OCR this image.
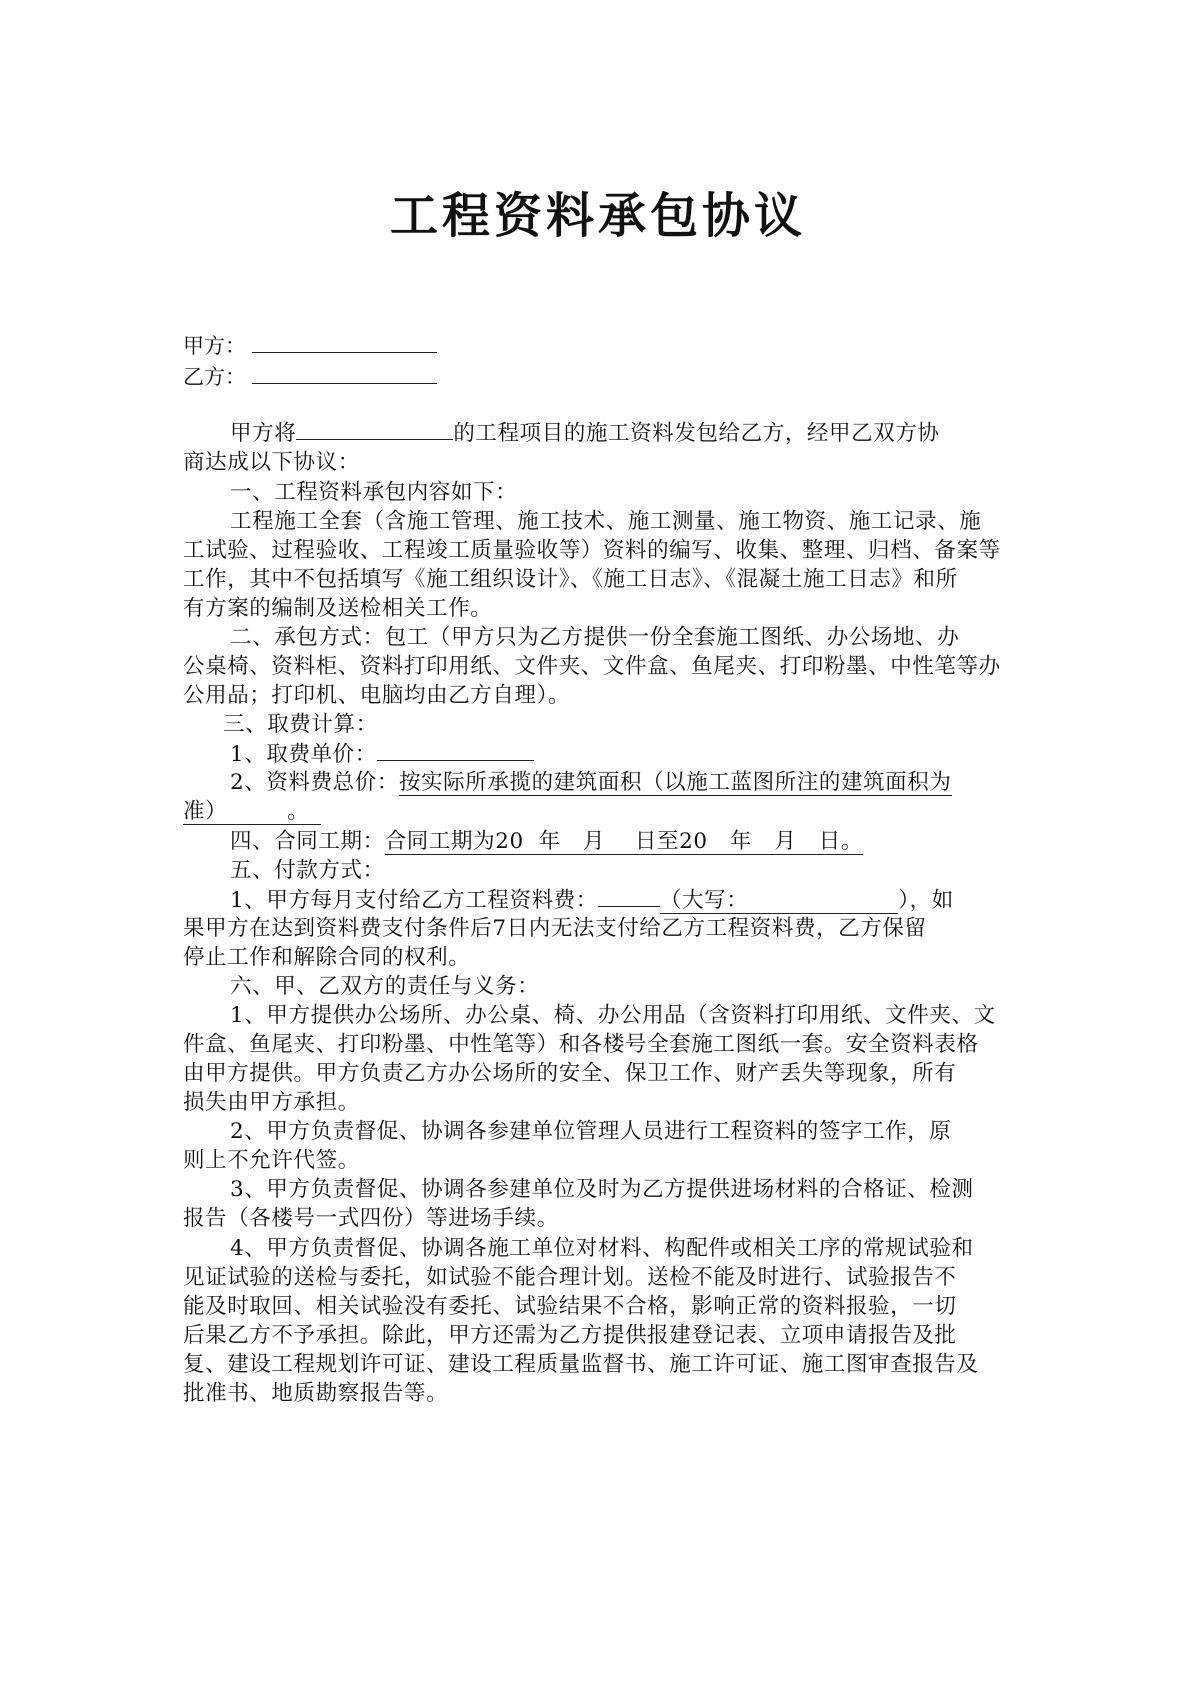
工程资料承包协议
甲方：
乙方：
甲方将	的工程项目的施工资料发包给乙方，经甲乙双方协
商达成以下协议：
一、工程资料承包内容如下：
工程施工全套（含施工管理、施工技术、施工测量、施工物资、施工记录、施
工试验、过程验收、工程竣工质量验收等）资料的编写、收集、整理、归档、备案等
工作，其中不包括填写《施工组织设计》、《施工日志》、《混凝土施工日志》和所
有方案的编制及送检相关工作。
二、承包方式：包工（甲方只为乙方提供一份全套施工图纸、办公场地、办
公桌椅、资料柜、资料打印用纸、文件夹、文件盒、鱼尾夹、打印粉墨、中性笔等办
公用品；打印机、电脑均由乙方自理）。
三、取费计算：
1、取费单价：
2、资料费总价：按实际所承揽的建筑面积（以施工蓝图所注的建筑面积为
准）	。
四、合同工期：合同工期为20  年   月    日至20   年   月   日。
五、付款方式：
1、甲方每月支付给乙方工程资料费：	（大写：	），如
果甲方在达到资料费支付条件后7日内无法支付给乙方工程资料费，乙方保留
停止工作和解除合同的权利。
六、甲、乙双方的责任与义务：
1、甲方提供办公场所、办公桌、椅、办公用品（含资料打印用纸、文件夹、文
件盒、鱼尾夹、打印粉墨、中性笔等）和各楼号全套施工图纸一套。安全资料表格
由甲方提供。甲方负责乙方办公场所的安全、保卫工作、财产丢失等现象，所有
损失由甲方承担。
2、甲方负责督促、协调各参建单位管理人员进行工程资料的签字工作，原
则上不允许代签。
3、甲方负责督促、协调各参建单位及时为乙方提供进场材料的合格证、检测
报告（各楼号一式四份）等进场手续。
4、甲方负责督促、协调各施工单位对材料、构配件或相关工序的常规试验和
见证试验的送检与委托，如试验不能合理计划。送检不能及时进行、试验报告不
能及时取回、相关试验没有委托、试验结果不合格，影响正常的资料报验，一切
后果乙方不予承担。除此，甲方还需为乙方提供报建登记表、立项申请报告及批
复、建设工程规划许可证、建设工程质量监督书、施工许可证、施工图审查报告及
批准书、地质勘察报告等。
